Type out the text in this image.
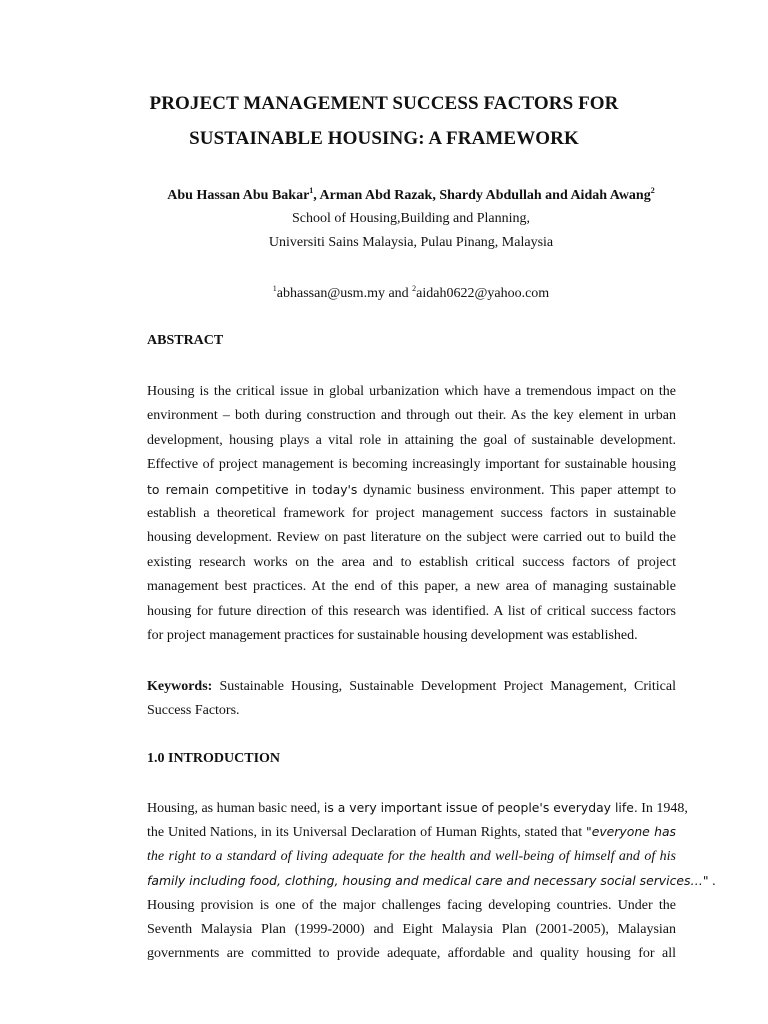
PROJECT MANAGEMENT SUCCESS FACTORS FOR
SUSTAINABLE HOUSING: A FRAMEWORK
Abu Hassan Abu Bakar$^1$, Arman Abd Razak, Shardy Abdullah and Aidah Awang$^2$
School of Housing,Building and Planning,
Universiti Sains Malaysia, Pulau Pinang, Malaysia
$^1$abhassan@usm.my and $^2$aidah0622@yahoo.com
ABSTRACT
Housing is the critical issue in global urbanization which have a tremendous impact on the
environment – both during construction and through out their. As the key element in urban
development, housing plays a vital role in attaining the goal of sustainable development.
Effective of project management is becoming increasingly important for sustainable housing
to remain competitive in today's dynamic business environment. This paper attempt to
establish a theoretical framework for project management success factors in sustainable
housing development. Review on past literature on the subject were carried out to build the
existing research works on the area and to establish critical success factors of project
management best practices. At the end of this paper, a new area of managing sustainable
housing for future direction of this research was identified. A list of critical success factors
for project management practices for sustainable housing development was established.
Keywords: Sustainable Housing, Sustainable Development Project Management, Critical
Success Factors.
1.0 INTRODUCTION
Housing, as human basic need, is a very important issue of people's everyday life. In 1948,
the United Nations, in its Universal Declaration of Human Rights, stated that "everyone has
the right to a standard of living adequate for the health and well-being of himself and of his
family including food, clothing, housing and medical care and necessary social services…" .
Housing provision is one of the major challenges facing developing countries. Under the
Seventh Malaysia Plan (1999-2000) and Eight Malaysia Plan (2001-2005), Malaysian
governments are committed to provide adequate, affordable and quality housing for all
